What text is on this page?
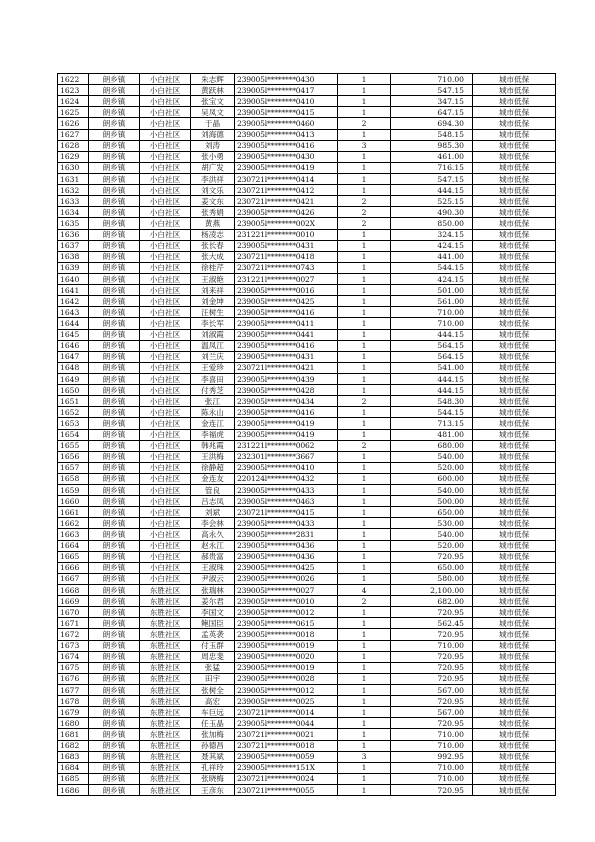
1622	朗乡镇	小白社区	朱志辉	239005l********0430	1	710.00	城市低保
1623	朗乡镇	小白社区	黄跃林	239005l********0417	1	547.15	城市低保
1624	朗乡镇	小白社区	张宝文	239005l********0410	1	347.15	城市低保
1625	朗乡镇	小白社区	吴凤文	239005l********0415	1	647.15	城市低保
1626	朗乡镇	小白社区	于晶	239005l********0460	2	694.30	城市低保
1627	朗乡镇	小白社区	刘海德	239005l********0413	1	548.15	城市低保
1628	朗乡镇	小白社区	刘涛	239005l********0416	3	985.30	城市低保
1629	朗乡镇	小白社区	张小勇	239005l********0430	1	461.00	城市低保
1630	朗乡镇	小白社区	胡广发	239005l********0419	1	716.15	城市低保
1631	朗乡镇	小白社区	李洪祥	230721l********0414	1	547.15	城市低保
1632	朗乡镇	小白社区	刘文乐	230721l********0412	1	444.15	城市低保
1633	朗乡镇	小白社区	姜文东	230721l********0421	2	525.15	城市低保
1634	朗乡镇	小白社区	张秀娟	239005l********0426	2	490.30	城市低保
1635	朗乡镇	小白社区	黄燕	239005l********002X	2	850.00	城市低保
1636	朗乡镇	小白社区	杨凌志	231221l********0010	1	324.15	城市低保
1637	朗乡镇	小白社区	张长春	239005l********0431	1	424.15	城市低保
1638	朗乡镇	小白社区	张大成	230721l********0418	1	441.00	城市低保
1639	朗乡镇	小白社区	徐桂芹	230721l********0743	1	544.15	城市低保
1640	朗乡镇	小白社区	王淑艳	231221l********0027	1	424.15	城市低保
1641	朗乡镇	小白社区	刘来祥	239005l********0016	1	501.00	城市低保
1642	朗乡镇	小白社区	刘金坤	239005l********0425	1	561.00	城市低保
1643	朗乡镇	小白社区	汪树生	239005l********0416	1	710.00	城市低保
1644	朗乡镇	小白社区	李长军	239005l********0411	1	710.00	城市低保
1645	朗乡镇	小白社区	刘淑霞	239005l********0441	1	444.15	城市低保
1646	朗乡镇	小白社区	温凤江	239005l********0416	1	564.15	城市低保
1647	朗乡镇	小白社区	刘兰庆	239005l********0431	1	564.15	城市低保
1648	朗乡镇	小白社区	王爱珍	230721l********0421	1	541.00	城市低保
1649	朗乡镇	小白社区	李喜田	239005l********0439	1	444.15	城市低保
1650	朗乡镇	小白社区	付秀芝	239005l********0428	1	444.15	城市低保
1651	朗乡镇	小白社区	张江	239005l********0434	2	548.30	城市低保
1652	朗乡镇	小白社区	陈永山	239005l********0416	1	544.15	城市低保
1653	朗乡镇	小白社区	金连江	239005l********0419	1	713.15	城市低保
1654	朗乡镇	小白社区	李福虎	239005l********0419	1	481.00	城市低保
1655	朗乡镇	小白社区	韩兆霞	231221l********0062	2	680.00	城市低保
1656	朗乡镇	小白社区	王洪梅	232301l********3667	1	540.00	城市低保
1657	朗乡镇	小白社区	徐静超	239005l********0410	1	520.00	城市低保
1658	朗乡镇	小白社区	金连友	220124l********0432	1	600.00	城市低保
1659	朗乡镇	小白社区	管良	239005l********0433	1	540.00	城市低保
1660	朗乡镇	小白社区	吕志凤	239005l********0463	1	500.00	城市低保
1661	朗乡镇	小白社区	刘斌	230721l********0415	1	650.00	城市低保
1662	朗乡镇	小白社区	李会林	239005l********0433	1	530.00	城市低保
1663	朗乡镇	小白社区	高永久	239005l********2831	1	540.00	城市低保
1664	朗乡镇	小白社区	赵永江	239005l********0436	1	520.00	城市低保
1665	朗乡镇	小白社区	郝贵富	239005l********0436	1	720.95	城市低保
1666	朗乡镇	小白社区	王淑珠	239005l********0425	1	650.00	城市低保
1667	朗乡镇	小白社区	尹淑云	239005l********0026	1	580.00	城市低保
1668	朗乡镇	东胜社区	张瑞林	239005l********0027	4	2,100.00	城市低保
1669	朗乡镇	东胜社区	姜尔君	239005l********0010	2	682.00	城市低保
1670	朗乡镇	东胜社区	李国文	239005l********0012	1	720.95	城市低保
1671	朗乡镇	东胜社区	鲍国臣	239005l********0615	1	562.45	城市低保
1672	朗乡镇	东胜社区	孟英袭	239005l********0018	1	720.95	城市低保
1673	朗乡镇	东胜社区	付玉群	239005l********0019	1	710.00	城市低保
1674	朗乡镇	东胜社区	周忠斐	239005l********0020	1	720.95	城市低保
1675	朗乡镇	东胜社区	张猛	239005l********0019	1	720.95	城市低保
1676	朗乡镇	东胜社区	田宇	239005l********0028	1	720.95	城市低保
1677	朗乡镇	东胜社区	张树全	239005l********0012	1	567.00	城市低保
1678	朗乡镇	东胜社区	高宏	239005l********0025	1	720.95	城市低保
1679	朗乡镇	东胜社区	车巨远	230721l********0014	1	567.00	城市低保
1680	朗乡镇	东胜社区	任玉晶	239005l********0044	1	720.95	城市低保
1681	朗乡镇	东胜社区	张加梅	230721l********0021	1	710.00	城市低保
1682	朗乡镇	东胜社区	孙德昌	230721l********0018	1	710.00	城市低保
1683	朗乡镇	东胜社区	聂其斌	239005l********0059	3	992.95	城市低保
1684	朗乡镇	东胜社区	孔祥玲	239005l********151X	1	710.00	城市低保
1685	朗乡镇	东胜社区	张晓梅	230721l********0024	1	710.00	城市低保
1686	朗乡镇	东胜社区	王彦东	230721l********0055	1	720.95	城市低保
